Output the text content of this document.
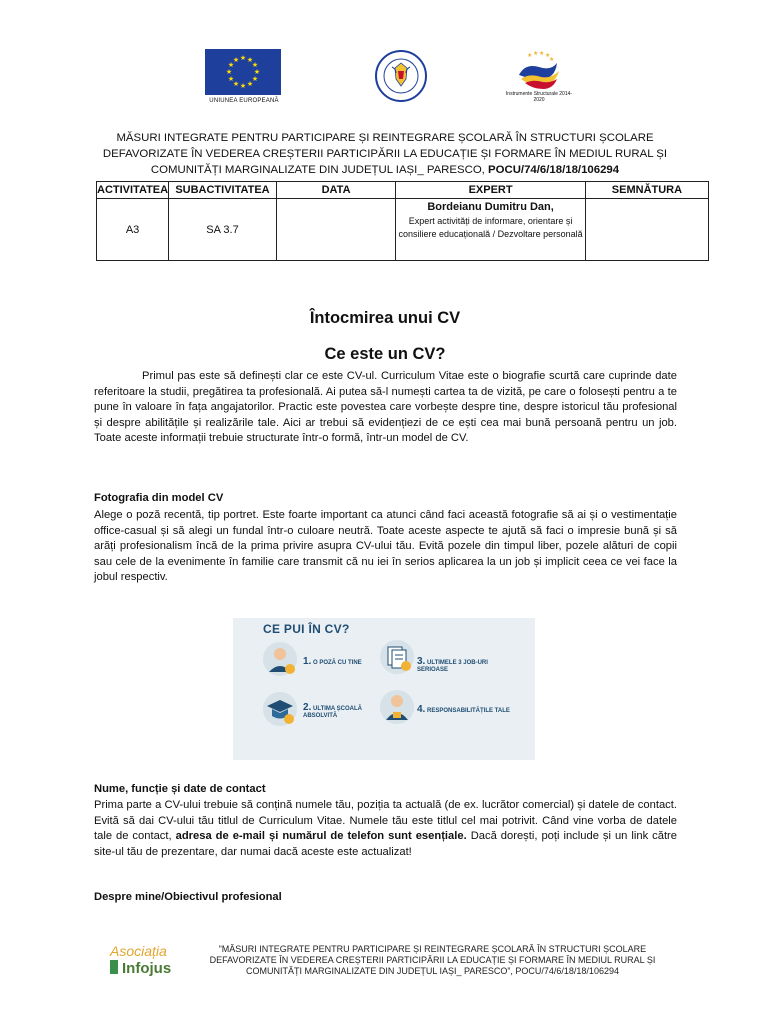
★ ★
★
★
★
★
★
★
★
★
★
★
UNIUNEA EUROPEANĂ
★ ★ ★ ★
★
Instrumente Structurale 2014-2020
MĂSURI INTEGRATE PENTRU PARTICIPARE ȘI REINTEGRARE ȘCOLARĂ ÎN STRUCTURI ȘCOLARE
DEFAVORIZATE ÎN VEDEREA CREȘTERII PARTICIPĂRII LA EDUCAȚIE ȘI FORMARE ÎN MEDIUL RURAL ȘI
COMUNITĂȚI MARGINALIZATE DIN JUDEȚUL IAȘI_ PARESCO, POCU/74/6/18/18/106294
ACTIVITATEA	SUBACTIVITATEA	DATA	EXPERT	SEMNĂTURA
A3	SA 3.7		Bordeianu Dumitru Dan,
Expert activități de informare, orientare și consiliere educațională / Dezvoltare personală	

Întocmirea unui CV
Ce este un CV?
Primul pas este să definești clar ce este CV-ul. Curriculum Vitae este o biografie scurtă care cuprinde date referitoare la studii, pregătirea ta profesională. Ai putea să-l numești cartea ta de vizită, pe care o folosești pentru a te pune în valoare în fața angajatorilor. Practic este povestea care vorbește despre tine, despre istoricul tău profesional și despre abilitățile și realizările tale. Aici ar trebui să evidențiezi de ce ești cea mai bună persoană pentru un job. Toate aceste informații trebuie structurate într-o formă, într-un model de CV.
Fotografia din model CV
Alege o poză recentă, tip portret. Este foarte important ca atunci când faci această fotografie să ai și o vestimentație office-casual și să alegi un fundal într-o culoare neutră. Toate aceste aspecte te ajută să faci o impresie bună și să arăți profesionalism încă de la prima privire asupra CV-ului tău. Evită pozele din timpul liber, pozele alături de copii sau cele de la evenimente în familie care transmit că nu iei în serios aplicarea la un job și implicit ceea ce vei face la jobul respectiv.
CE PUI ÎN CV?
1. O POZĂ CU TINE	3. ULTIMELE 3 JOB-URI SERIOASE
2. ULTIMA ȘCOALĂ ABSOLVITĂ
4. RESPONSABILITĂȚILE TALE
Nume, funcție și date de contact
Prima parte a CV-ului trebuie să conțină numele tău, poziția ta actuală (de ex. lucrător comercial) și datele de contact. Evită să dai CV-ului tău titlul de Curriculum Vitae. Numele tău este titlul cel mai potrivit. Când vine vorba de datele tale de contact, adresa de e-mail și numărul de telefon sunt esențiale. Dacă dorești, poți include și un link către site-ul tău de prezentare, dar numai dacă aceste este actualizat!
Despre mine/Obiectivul profesional
Asociația
Infojus
”MĂSURI INTEGRATE PENTRU PARTICIPARE ȘI REINTEGRARE ȘCOLARĂ ÎN STRUCTURI ȘCOLARE DEFAVORIZATE ÎN VEDEREA CREȘTERII PARTICIPĂRII LA EDUCAȚIE ȘI FORMARE ÎN MEDIUL RURAL ȘI COMUNITĂȚI MARGINALIZATE DIN JUDEȚUL IAȘI_ PARESCO”, POCU/74/6/18/18/106294
